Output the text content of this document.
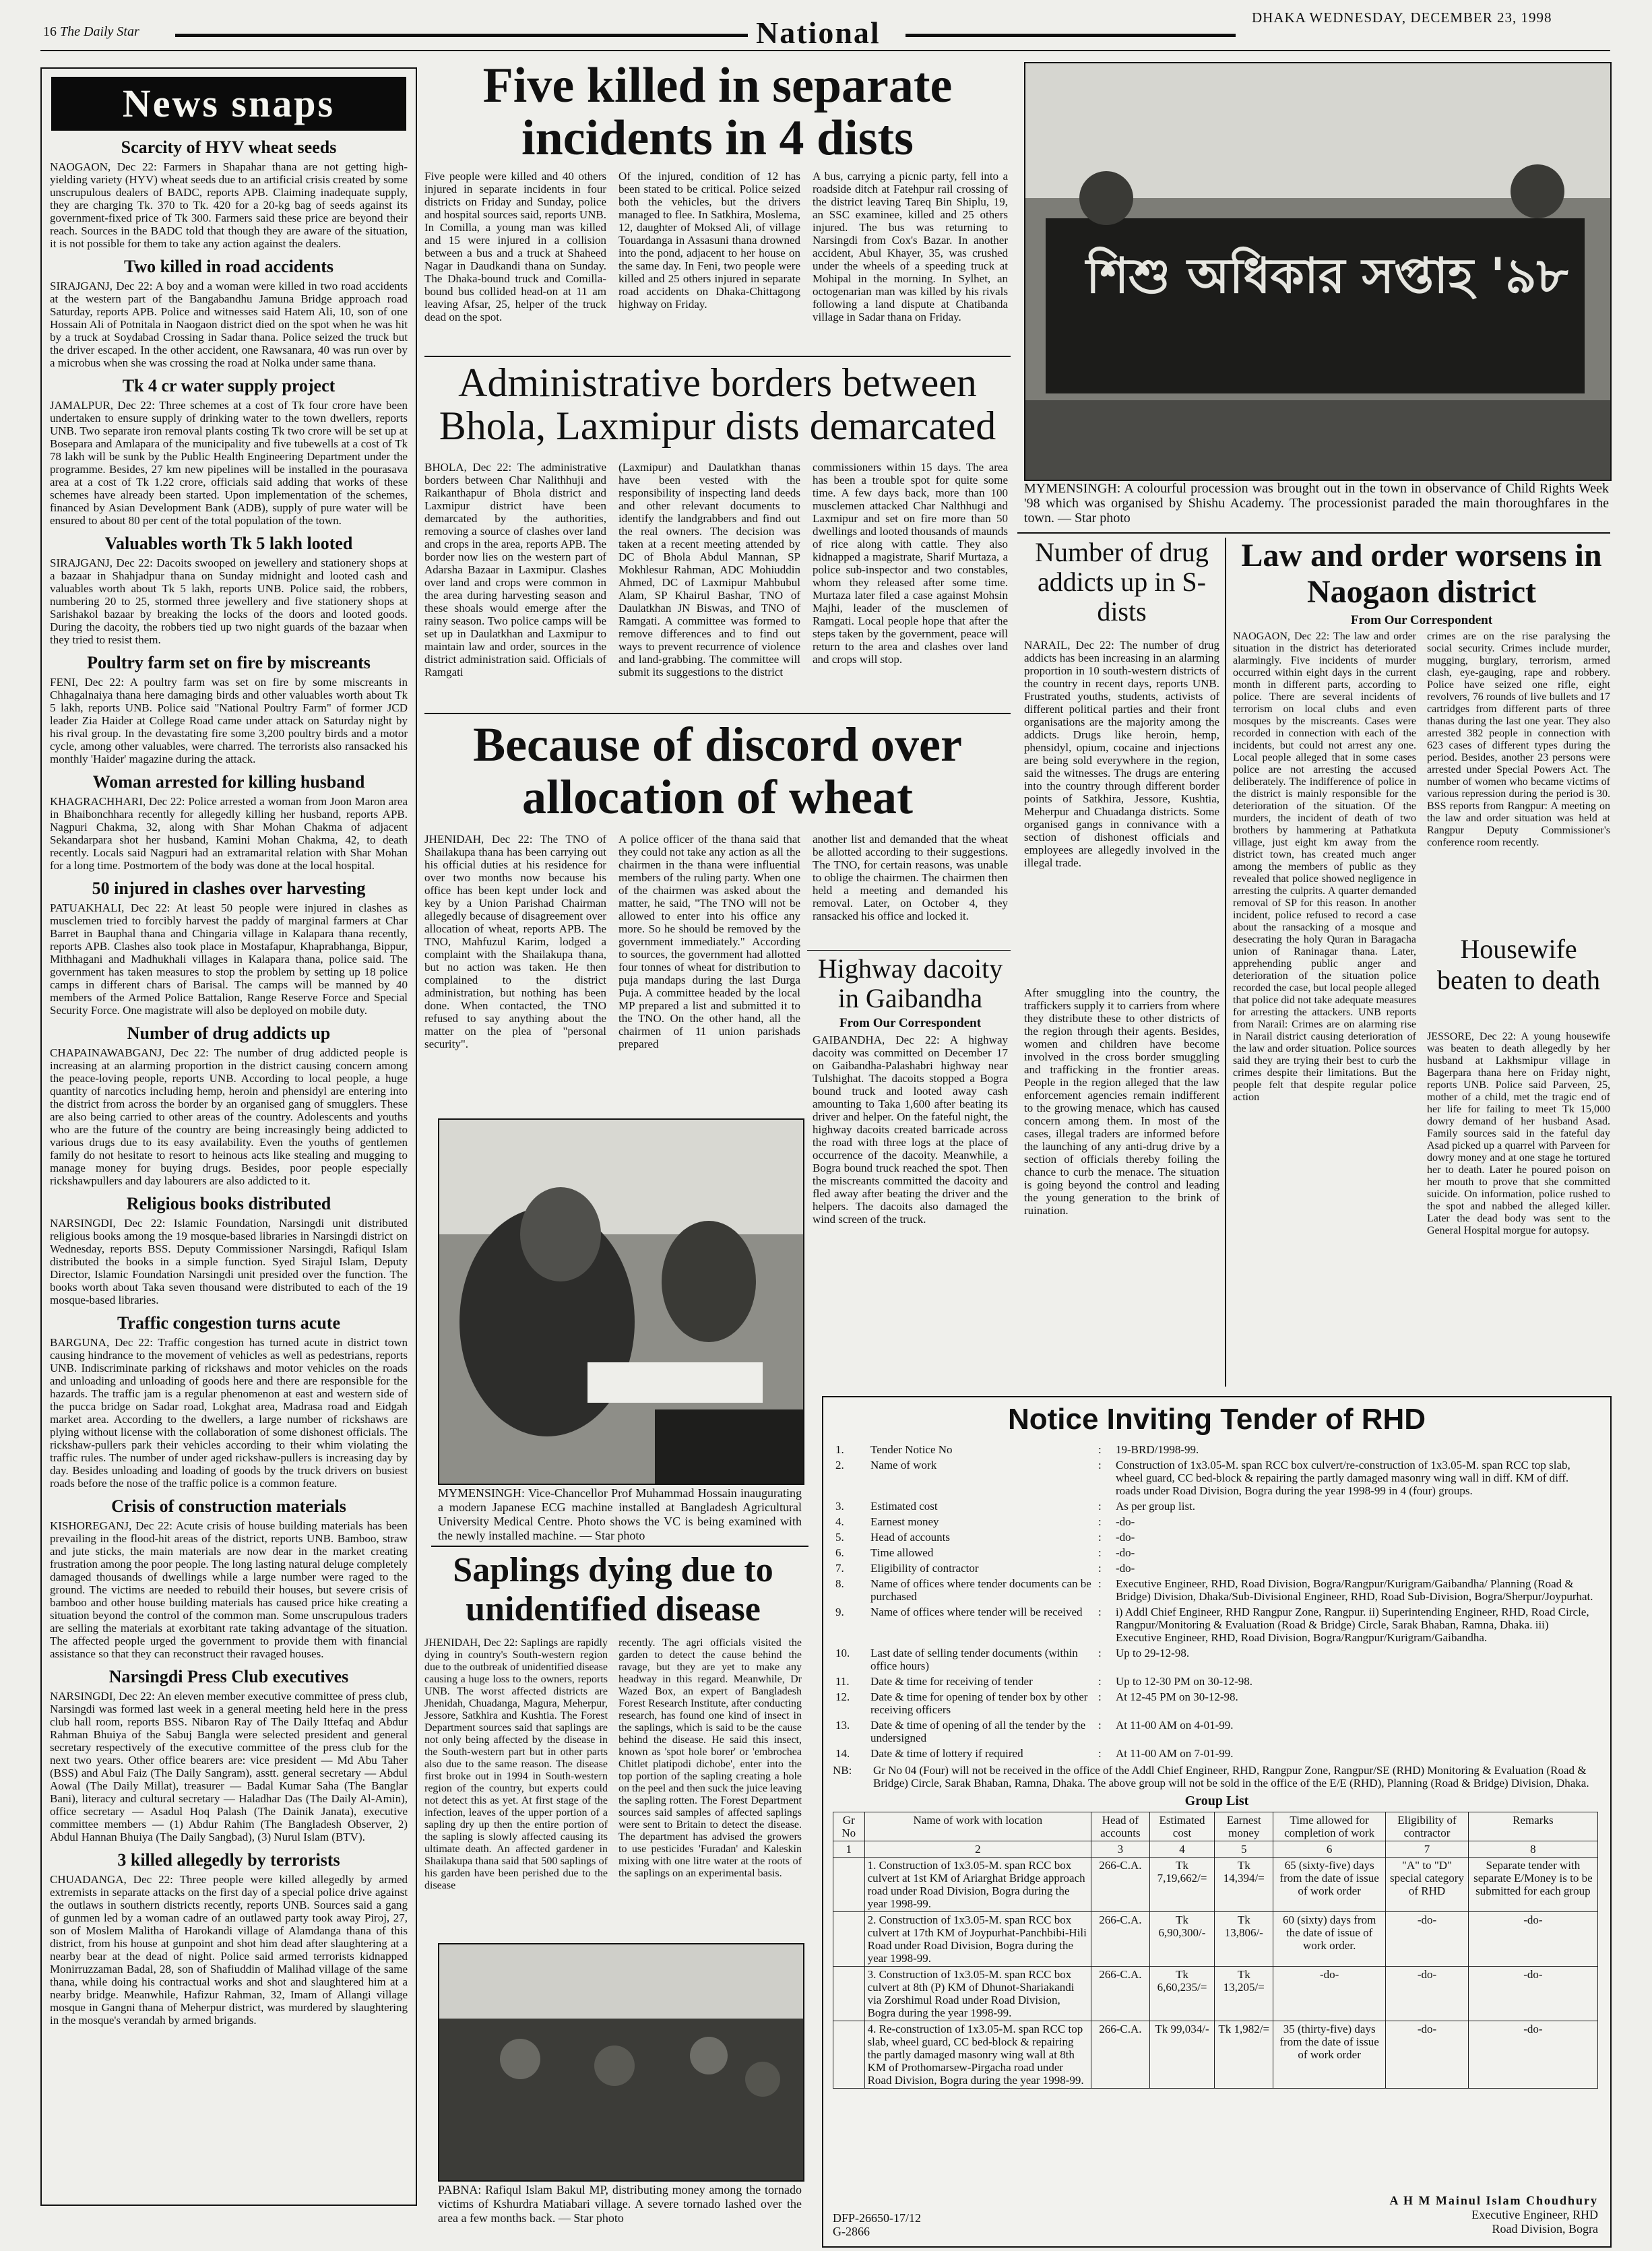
16 The Daily Star	National	DHAKA WEDNESDAY, DECEMBER 23, 1998
News snaps
Scarcity of HYV wheat seeds
NAOGAON, Dec 22: Farmers in Shapahar thana are not getting high-yielding variety (HYV) wheat seeds due to an artificial crisis created by some unscrupulous dealers of BADC, reports APB. Claiming inadequate supply, they are charging Tk. 370 to Tk. 420 for a 20-kg bag of seeds against its government-fixed price of Tk 300. Farmers said these price are beyond their reach. Sources in the BADC told that though they are aware of the situation, it is not possible for them to take any action against the dealers.
Two killed in road accidents
SIRAJGANJ, Dec 22: A boy and a woman were killed in two road accidents at the western part of the Bangabandhu Jamuna Bridge approach road Saturday, reports APB. Police and witnesses said Hatem Ali, 10, son of one Hossain Ali of Potnitala in Naogaon district died on the spot when he was hit by a truck at Soydabad Crossing in Sadar thana. Police seized the truck but the driver escaped. In the other accident, one Rawsanara, 40 was run over by a microbus when she was crossing the road at Nolka under same thana.
Tk 4 cr water supply project
JAMALPUR, Dec 22: Three schemes at a cost of Tk four crore have been undertaken to ensure supply of drinking water to the town dwellers, reports UNB. Two separate iron removal plants costing Tk two crore will be set up at Bosepara and Amlapara of the municipality and five tubewells at a cost of Tk 78 lakh will be sunk by the Public Health Engineering Department under the programme. Besides, 27 km new pipelines will be installed in the pourasava area at a cost of Tk 1.22 crore, officials said adding that works of these schemes have already been started. Upon implementation of the schemes, financed by Asian Development Bank (ADB), supply of pure water will be ensured to about 80 per cent of the total population of the town.
Valuables worth Tk 5 lakh looted
SIRAJGANJ, Dec 22: Dacoits swooped on jewellery and stationery shops at a bazaar in Shahjadpur thana on Sunday midnight and looted cash and valuables worth about Tk 5 lakh, reports UNB. Police said, the robbers, numbering 20 to 25, stormed three jewellery and five stationery shops at Sarishakol bazaar by breaking the locks of the doors and looted goods. During the dacoity, the robbers tied up two night guards of the bazaar when they tried to resist them.
Poultry farm set on fire by miscreants
FENI, Dec 22: A poultry farm was set on fire by some miscreants in Chhagalnaiya thana here damaging birds and other valuables worth about Tk 5 lakh, reports UNB. Police said "National Poultry Farm" of former JCD leader Zia Haider at College Road came under attack on Saturday night by his rival group. In the devastating fire some 3,200 poultry birds and a motor cycle, among other valuables, were charred. The terrorists also ransacked his monthly 'Haider' magazine during the attack.
Woman arrested for killing husband
KHAGRACHHARI, Dec 22: Police arrested a woman from Joon Maron area in Bhaibonchhara recently for allegedly killing her husband, reports APB. Nagpuri Chakma, 32, along with Shar Mohan Chakma of adjacent Sekandarpara shot her husband, Kamini Mohan Chakma, 42, to death recently. Locals said Nagpuri had an extramarital relation with Shar Mohan for a long time. Postmortem of the body was done at the local hospital.
50 injured in clashes over harvesting
PATUAKHALI, Dec 22: At least 50 people were injured in clashes as musclemen tried to forcibly harvest the paddy of marginal farmers at Char Barret in Bauphal thana and Chingaria village in Kalapara thana recently, reports APB. Clashes also took place in Mostafapur, Khaprabhanga, Bippur, Mithhagani and Madhukhali villages in Kalapara thana, police said. The government has taken measures to stop the problem by setting up 18 police camps in different chars of Barisal. The camps will be manned by 40 members of the Armed Police Battalion, Range Reserve Force and Special Security Force. One magistrate will also be deployed on mobile duty.
Number of drug addicts up
CHAPAINAWABGANJ, Dec 22: The number of drug addicted people is increasing at an alarming proportion in the district causing concern among the peace-loving people, reports UNB. According to local people, a huge quantity of narcotics including hemp, heroin and phensidyl are entering into the district from across the border by an organised gang of smugglers. These are also being carried to other areas of the country. Adolescents and youths who are the future of the country are being increasingly being addicted to various drugs due to its easy availability. Even the youths of gentlemen family do not hesitate to resort to heinous acts like stealing and mugging to manage money for buying drugs. Besides, poor people especially rickshawpullers and day labourers are also addicted to it.
Religious books distributed
NARSINGDI, Dec 22: Islamic Foundation, Narsingdi unit distributed religious books among the 19 mosque-based libraries in Narsingdi district on Wednesday, reports BSS. Deputy Commissioner Narsingdi, Rafiqul Islam distributed the books in a simple function. Syed Sirajul Islam, Deputy Director, Islamic Foundation Narsingdi unit presided over the function. The books worth about Taka seven thousand were distributed to each of the 19 mosque-based libraries.
Traffic congestion turns acute
BARGUNA, Dec 22: Traffic congestion has turned acute in district town causing hindrance to the movement of vehicles as well as pedestrians, reports UNB. Indiscriminate parking of rickshaws and motor vehicles on the roads and unloading and unloading of goods here and there are responsible for the hazards. The traffic jam is a regular phenomenon at east and western side of the pucca bridge on Sadar road, Lokghat area, Madrasa road and Eidgah market area. According to the dwellers, a large number of rickshaws are plying without license with the collaboration of some dishonest officials. The rickshaw-pullers park their vehicles according to their whim violating the traffic rules. The number of under aged rickshaw-pullers is increasing day by day. Besides unloading and loading of goods by the truck drivers on busiest roads before the nose of the traffic police is a common feature.
Crisis of construction materials
KISHOREGANJ, Dec 22: Acute crisis of house building materials has been prevailing in the flood-hit areas of the district, reports UNB. Bamboo, straw and jute sticks, the main materials are now dear in the market creating frustration among the poor people. The long lasting natural deluge completely damaged thousands of dwellings while a large number were raged to the ground. The victims are needed to rebuild their houses, but severe crisis of bamboo and other house building materials has caused price hike creating a situation beyond the control of the common man. Some unscrupulous traders are selling the materials at exorbitant rate taking advantage of the situation. The affected people urged the government to provide them with financial assistance so that they can reconstruct their ravaged houses.
Narsingdi Press Club executives
NARSINGDI, Dec 22: An eleven member executive committee of press club, Narsingdi was formed last week in a general meeting held here in the press club hall room, reports BSS. Nibaron Ray of The Daily Ittefaq and Abdur Rahman Bhuiya of the Sabuj Bangla were selected president and general secretary respectively of the executive committee of the press club for the next two years. Other office bearers are: vice president — Md Abu Taher (BSS) and Abul Faiz (The Daily Sangram), asstt. general secretary — Abdul Aowal (The Daily Millat), treasurer — Badal Kumar Saha (The Banglar Bani), literacy and cultural secretary — Haladhar Das (The Daily Al-Amin), office secretary — Asadul Hoq Palash (The Dainik Janata), executive committee members — (1) Abdur Rahim (The Bangladesh Observer, 2) Abdul Hannan Bhuiya (The Daily Sangbad), (3) Nurul Islam (BTV).
3 killed allegedly by terrorists
CHUADANGA, Dec 22: Three people were killed allegedly by armed extremists in separate attacks on the first day of a special police drive against the outlaws in southern districts recently, reports UNB. Sources said a gang of gunmen led by a woman cadre of an outlawed party took away Piroj, 27, son of Moslem Malitha of Harokandi village of Alamdanga thana of this district, from his house at gunpoint and shot him dead after slaughtering at a nearby bear at the dead of night. Police said armed terrorists kidnapped Monirruzzaman Badal, 28, son of Shafiuddin of Malihad village of the same thana, while doing his contractual works and shot and slaughtered him at a nearby bridge. Meanwhile, Hafizur Rahman, 32, Imam of Allangi village mosque in Gangni thana of Meherpur district, was murdered by slaughtering in the mosque's verandah by armed brigands.
Five killed in separate incidents in 4 dists
Five people were killed and 40 others injured in separate incidents in four districts on Friday and Sunday, police and hospital sources said, reports UNB. In Comilla, a young man was killed and 15 were injured in a collision between a bus and a truck at Shaheed Nagar in Daudkandi thana on Sunday. The Dhaka-bound truck and Comilla-bound bus collided head-on at 11 am leaving Afsar, 25, helper of the truck dead on the spot.
Of the injured, condition of 12 has been stated to be critical. Police seized both the vehicles, but the drivers managed to flee. In Satkhira, Moslema, 12, daughter of Moksed Ali, of village Touardanga in Assasuni thana drowned into the pond, adjacent to her house on the same day. In Feni, two people were killed and 25 others injured in separate road accidents on Dhaka-Chittagong highway on Friday.
A bus, carrying a picnic party, fell into a roadside ditch at Fatehpur rail crossing of the district leaving Tareq Bin Shiplu, 19, an SSC examinee, killed and 25 others injured. The bus was returning to Narsingdi from Cox's Bazar. In another accident, Abul Khayer, 35, was crushed under the wheels of a speeding truck at Mohipal in the morning. In Sylhet, an octogenarian man was killed by his rivals following a land dispute at Chatibanda village in Sadar thana on Friday.
Administrative borders between Bhola, Laxmipur dists demarcated
BHOLA, Dec 22: The administrative borders between Char Nalithhuji and Raikanthapur of Bhola district and Laxmipur district have been demarcated by the authorities, removing a source of clashes over land and crops in the area, reports APB. The border now lies on the western part of Adarsha Bazaar in Laxmipur. Clashes over land and crops were common in the area during harvesting season and these shoals would emerge after the rainy season. Two police camps will be set up in Daulatkhan and Laxmipur to maintain law and order, sources in the district administration said. Officials of Ramgati
(Laxmipur) and Daulatkhan thanas have been vested with the responsibility of inspecting land deeds and other relevant documents to identify the landgrabbers and find out the real owners. The decision was taken at a recent meeting attended by DC of Bhola Abdul Mannan, SP Mokhlesur Rahman, ADC Mohiuddin Ahmed, DC of Laxmipur Mahbubul Alam, SP Khairul Bashar, TNO of Daulatkhan JN Biswas, and TNO of Ramgati. A committee was formed to remove differences and to find out ways to prevent recurrence of violence and land-grabbing. The committee will submit its suggestions to the district
commissioners within 15 days. The area has been a trouble spot for quite some time. A few days back, more than 100 musclemen attacked Char Nalthhugi and Laxmipur and set on fire more than 50 dwellings and looted thousands of maunds of rice along with cattle. They also kidnapped a magistrate, Sharif Murtaza, a police sub-inspector and two constables, whom they released after some time. Murtaza later filed a case against Mohsin Majhi, leader of the musclemen of Ramgati. Local people hope that after the steps taken by the government, peace will return to the area and clashes over land and crops will stop.
Because of discord over allocation of wheat
JHENIDAH, Dec 22: The TNO of Shailakupa thana has been carrying out his official duties at his residence for over two months now because his office has been kept under lock and key by a Union Parishad Chairman allegedly because of disagreement over allocation of wheat, reports APB. The TNO, Mahfuzul Karim, lodged a complaint with the Shailakupa thana, but no action was taken. He then complained to the district administration, but nothing has been done. When contacted, the TNO refused to say anything about the matter on the plea of "personal security".
A police officer of the thana said that they could not take any action as all the chairmen in the thana were influential members of the ruling party. When one of the chairmen was asked about the matter, he said, "The TNO will not be allowed to enter into his office any more. So he should be removed by the government immediately." According to sources, the government had allotted four tonnes of wheat for distribution to puja mandaps during the last Durga Puja. A committee headed by the local MP prepared a list and submitted it to the TNO. On the other hand, all the chairmen of 11 union parishads prepared
another list and demanded that the wheat be allotted according to their suggestions. The TNO, for certain reasons, was unable to oblige the chairmen. The chairmen then held a meeting and demanded his removal. Later, on October 4, they ransacked his office and locked it.
Highway dacoity in Gaibandha
From Our Correspondent
GAIBANDHA, Dec 22: A highway dacoity was committed on December 17 on Gaibandha-Palashabri highway near Tulshighat. The dacoits stopped a Bogra bound truck and looted away cash amounting to Taka 1,600 after beating its driver and helper. On the fateful night, the highway dacoits created barricade across the road with three logs at the place of occurrence of the dacoity. Meanwhile, a Bogra bound truck reached the spot. Then the miscreants committed the dacoity and fled away after beating the driver and the helpers. The dacoits also damaged the wind screen of the truck.
MYMENSINGH: Vice-Chancellor Prof Muhammad Hossain inaugurating a modern Japanese ECG machine installed at Bangladesh Agricultural University Medical Centre. Photo shows the VC is being examined with the newly installed machine. — Star photo
Saplings dying due to unidentified disease
JHENIDAH, Dec 22: Saplings are rapidly dying in country's South-western region due to the outbreak of unidentified disease causing a huge loss to the owners, reports UNB. The worst affected districts are Jhenidah, Chuadanga, Magura, Meherpur, Jessore, Satkhira and Kushtia. The Forest Department sources said that saplings are not only being affected by the disease in the South-western part but in other parts also due to the same reason. The disease first broke out in 1994 in South-western region of the country, but experts could not detect this as yet. At first stage of the infection, leaves of the upper portion of a sapling dry up then the entire portion of the sapling is slowly affected causing its ultimate death. An affected gardener in Shailakupa thana said that 500 saplings of his garden have been perished due to the disease
recently. The agri officials visited the garden to detect the cause behind the ravage, but they are yet to make any headway in this regard. Meanwhile, Dr Wazed Box, an expert of Bangladesh Forest Research Institute, after conducting research, has found one kind of insect in the saplings, which is said to be the cause behind the disease. He said this insect, known as 'spot hole borer' or 'embrochea Chitlet platipodi dichobe', enter into the top portion of the sapling creating a hole on the peel and then suck the juice leaving the sapling rotten. The Forest Department sources said samples of affected saplings were sent to Britain to detect the disease. The department has advised the growers to use pesticides 'Furadan' and Kaleskin mixing with one litre water at the roots of the saplings on an experimental basis.
PABNA: Rafiqul Islam Bakul MP, distributing money among the tornado victims of Kshurdra Matiabari village. A severe tornado lashed over the area a few months back. — Star photo
শিশু অধিকার সপ্তাহ '৯৮
MYMENSINGH: A colourful procession was brought out in the town in observance of Child Rights Week '98 which was organised by Shishu Academy. The processionist paraded the main thoroughfares in the town. — Star photo
Number of drug addicts up in S-dists
NARAIL, Dec 22: The number of drug addicts has been increasing in an alarming proportion in 10 south-western districts of the country in recent days, reports UNB. Frustrated youths, students, activists of different political parties and their front organisations are the majority among the addicts. Drugs like heroin, hemp, phensidyl, opium, cocaine and injections are being sold everywhere in the region, said the witnesses. The drugs are entering into the country through different border points of Satkhira, Jessore, Kushtia, Meherpur and Chuadanga districts. Some organised gangs in connivance with a section of dishonest officials and employees are allegedly involved in the illegal trade.
After smuggling into the country, the traffickers supply it to carriers from where they distribute these to other districts of the region through their agents. Besides, women and children have become involved in the cross border smuggling and trafficking in the frontier areas. People in the region alleged that the law enforcement agencies remain indifferent to the growing menace, which has caused concern among them. In most of the cases, illegal traders are informed before the launching of any anti-drug drive by a section of officials thereby foiling the chance to curb the menace. The situation is going beyond the control and leading the young generation to the brink of ruination.
Law and order worsens in Naogaon district
From Our Correspondent
NAOGAON, Dec 22: The law and order situation in the district has deteriorated alarmingly. Five incidents of murder occurred within eight days in the current month in different parts, according to police. There are several incidents of terrorism on local clubs and even mosques by the miscreants. Cases were recorded in connection with each of the incidents, but could not arrest any one. Local people alleged that in some cases police are not arresting the accused deliberately. The indifference of police in the district is mainly responsible for the deterioration of the situation. Of the murders, the incident of death of two brothers by hammering at Pathatkuta village, just eight km away from the district town, has created much anger among the members of public as they revealed that police showed negligence in arresting the culprits. A quarter demanded removal of SP for this reason. In another incident, police refused to record a case about the ransacking of a mosque and desecrating the holy Quran in Baragacha union of Raninagar thana. Later, apprehending public anger and deterioration of the situation police recorded the case, but local people alleged that police did not take adequate measures for arresting the attackers. UNB reports from Narail: Crimes are on alarming rise in Narail district causing deterioration of the law and order situation. Police sources said they are trying their best to curb the crimes despite their limitations. But the people felt that despite regular police action
crimes are on the rise paralysing the social security. Crimes include murder, mugging, burglary, terrorism, armed clash, eye-gauging, rape and robbery. Police have seized one rifle, eight revolvers, 76 rounds of live bullets and 17 cartridges from different parts of three thanas during the last one year. They also arrested 382 people in connection with 623 cases of different types during the period. Besides, another 23 persons were arrested under Special Powers Act. The number of women who became victims of various repression during the period is 30. BSS reports from Rangpur: A meeting on the law and order situation was held at Rangpur Deputy Commissioner's conference room recently.
Housewife beaten to death
JESSORE, Dec 22: A young housewife was beaten to death allegedly by her husband at Lakhsmipur village in Bagerpara thana here on Friday night, reports UNB. Police said Parveen, 25, mother of a child, met the tragic end of her life for failing to meet Tk 15,000 dowry demand of her husband Asad. Family sources said in the fateful day Asad picked up a quarrel with Parveen for dowry money and at one stage he tortured her to death. Later he poured poison on her mouth to prove that she committed suicide. On information, police rushed to the spot and nabbed the alleged killer. Later the dead body was sent to the General Hospital morgue for autopsy.
Notice Inviting Tender of RHD
1.	Tender Notice No	:	19-BRD/1998-99.
2.	Name of work	:	Construction of 1x3.05-M. span RCC box culvert/re-construction of 1x3.05-M. span RCC top slab, wheel guard, CC bed-block & repairing the partly damaged masonry wing wall in diff. KM of diff. roads under Road Division, Bogra during the year 1998-99 in 4 (four) groups.
3.	Estimated cost	:	As per group list.
4.	Earnest money	:	-do-
5.	Head of accounts	:	-do-
6.	Time allowed	:	-do-
7.	Eligibility of contractor	:	-do-
8.	Name of offices where tender documents can be purchased	:	Executive Engineer, RHD, Road Division, Bogra/Rangpur/Kurigram/Gaibandha/ Planning (Road & Bridge) Division, Dhaka/Sub-Divisional Engineer, RHD, Road Sub-Division, Bogra/Sherpur/Joypurhat.
9.	Name of offices where tender will be received	:	i) Addl Chief Engineer, RHD Rangpur Zone, Rangpur. ii) Superintending Engineer, RHD, Road Circle, Rangpur/Monitoring & Evaluation (Road & Bridge) Circle, Sarak Bhaban, Ramna, Dhaka. iii) Executive Engineer, RHD, Road Division, Bogra/Rangpur/Kurigram/Gaibandha.
10.	Last date of selling tender documents (within office hours)	:	Up to 29-12-98.
11.	Date & time for receiving of tender	:	Up to 12-30 PM on 30-12-98.
12.	Date & time for opening of tender box by other receiving officers	:	At 12-45 PM on 30-12-98.
13.	Date & time of opening of all the tender by the undersigned	:	At 11-00 AM on 4-01-99.
14.	Date & time of lottery if required	:	At 11-00 AM on 7-01-99.
NB:	Gr No 04 (Four) will not be received in the office of the Addl Chief Engineer, RHD, Rangpur Zone, Rangpur/SE (RHD) Monitoring & Evaluation (Road & Bridge) Circle, Sarak Bhaban, Ramna, Dhaka. The above group will not be sold in the office of the E/E (RHD), Planning (Road & Bridge) Division, Dhaka.
Group List
Gr No	Name of work with location	Head of accounts	Estimated cost	Earnest money	Time allowed for completion of work	Eligibility of contractor	Remarks
1	2	3	4	5	6	7	8
	1. Construction of 1x3.05-M. span RCC box culvert at 1st KM of Ariarghat Bridge approach road under Road Division, Bogra during the year 1998-99.	266-C.A.	Tk 7,19,662/=	Tk 14,394/=	65 (sixty-five) days from the date of issue of work order	"A" to "D" special category of RHD	Separate tender with separate E/Money is to be submitted for each group
	2. Construction of 1x3.05-M. span RCC box culvert at 17th KM of Joypurhat-Panchbibi-Hili Road under Road Division, Bogra during the year 1998-99.	266-C.A.	Tk 6,90,300/-	Tk 13,806/-	60 (sixty) days from the date of issue of work order.	-do-	-do-
	3. Construction of 1x3.05-M. span RCC box culvert at 8th (P) KM of Dhunot-Shariakandi via Zorshimul Road under Road Division, Bogra during the year 1998-99.	266-C.A.	Tk 6,60,235/=	Tk 13,205/=	-do-	-do-	-do-
	4. Re-construction of 1x3.05-M. span RCC top slab, wheel guard, CC bed-block & repairing the partly damaged masonry wing wall at 8th KM of Prothomarsew-Pirgacha road under Road Division, Bogra during the year 1998-99.	266-C.A.	Tk 99,034/-	Tk 1,982/=	35 (thirty-five) days from the date of issue of work order	-do-	-do-
DFP-26650-17/12
G-2866
A H M Mainul Islam Choudhury
Executive Engineer, RHD
Road Division, Bogra
